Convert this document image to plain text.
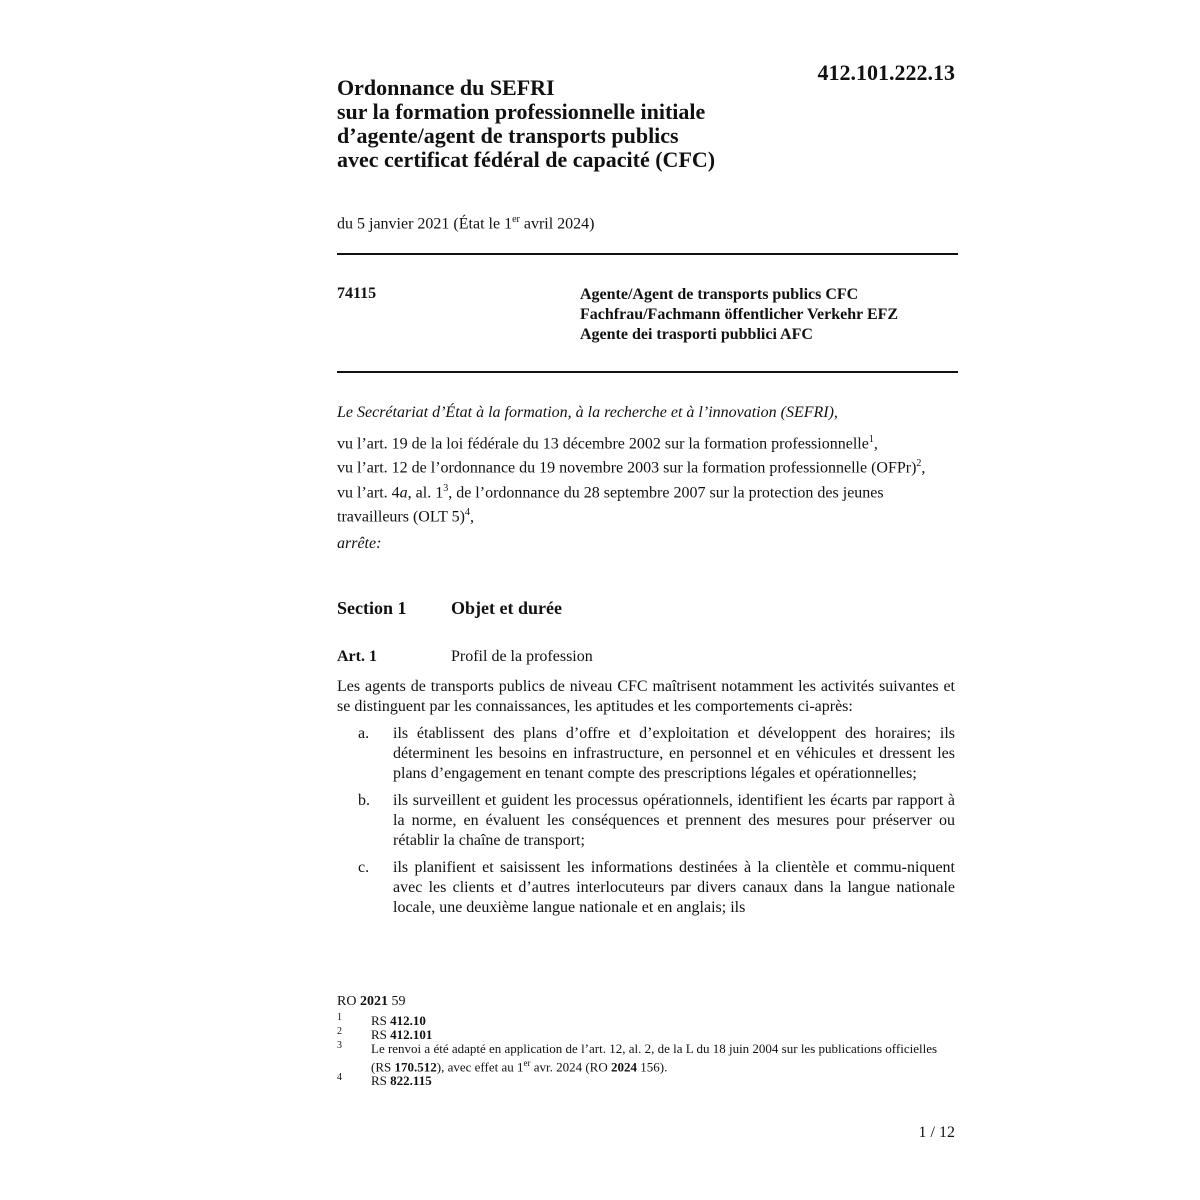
412.101.222.13
Ordonnance du SEFRI
sur la formation professionnelle initiale
d’agente/agent de transports publics
avec certificat fédéral de capacité (CFC)
du 5 janvier 2021 (État le 1er avril 2024)
74115	Agente/Agent de transports publics CFC
Fachfrau/Fachmann öffentlicher Verkehr EFZ
Agente dei trasporti pubblici AFC

Le Secrétariat d’État à la formation, à la recherche et à l’innovation (SEFRI),

vu l’art. 19 de la loi fédérale du 13 décembre 2002 sur la formation professionnelle$^1$,

vu l’art. 12 de l’ordonnance du 19 novembre 2003 sur la formation professionnelle (OFPr)$^2$,

vu l’art. 4a, al. $1^3$, de l’ordonnance du 28 septembre 2007 sur la protection des jeunes travailleurs (OLT 5)$^4$,

arrête:

Section 1 Objet et durée
Art. 1	Profil de la profession

Les agents de transports publics de niveau CFC maîtrisent notamment les activités suivantes et se distinguent par les connaissances, les aptitudes et les comportements ci-après:

a. ils établissent des plans d’offre et d’exploitation et développent des horaires; ils déterminent les besoins en infrastructure, en personnel et en véhicules et dressent les plans d’engagement en tenant compte des prescriptions légales et opérationnelles;
b. ils surveillent et guident les processus opérationnels, identifient les écarts par rapport à la norme, en évaluent les conséquences et prennent des mesures pour préserver ou rétablir la chaîne de transport;
c. ils planifient et saisissent les informations destinées à la clientèle et commu-niquent avec les clients et d’autres interlocuteurs par divers canaux dans la langue nationale locale, une deuxième langue nationale et en anglais; ils
RO 2021 59
1 RS 412.10
2 RS 412.101
3 Le renvoi a été adapté en application de l’art. 12, al. 2, de la L du 18 juin 2004 sur les publications officielles (RS 170.512), avec effet au 1er avr. 2024 (RO 2024 156).
4 RS 822.115
1 / 12
